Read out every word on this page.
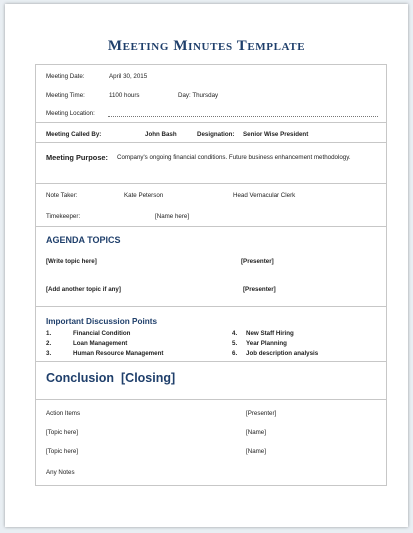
Meeting Minutes Template
Meeting Date:	April 30, 2015
Meeting Time:	1100 hours	Day: Thursday
Meeting Location:
Meeting Called By:	John Bash	Designation: Senior Wise President
Meeting Purpose: Company's ongoing financial conditions. Future business enhancement methodology.
Note Taker:	Kate Peterson	Head Vernacular Clerk
Timekeeper:	[Name here]
AGENDA TOPICS
[Write topic here]	[Presenter]
[Add another topic if any]	[Presenter]
Important Discussion Points
1.	Financial Condition
2.	Loan Management
3.	Human Resource Management
4. New Staff Hiring
5. Year Planning
6. Job description analysis
Conclusion  [Closing]
Action Items	[Presenter]
[Topic here]	[Name]
[Topic here]	[Name]
Any Notes
